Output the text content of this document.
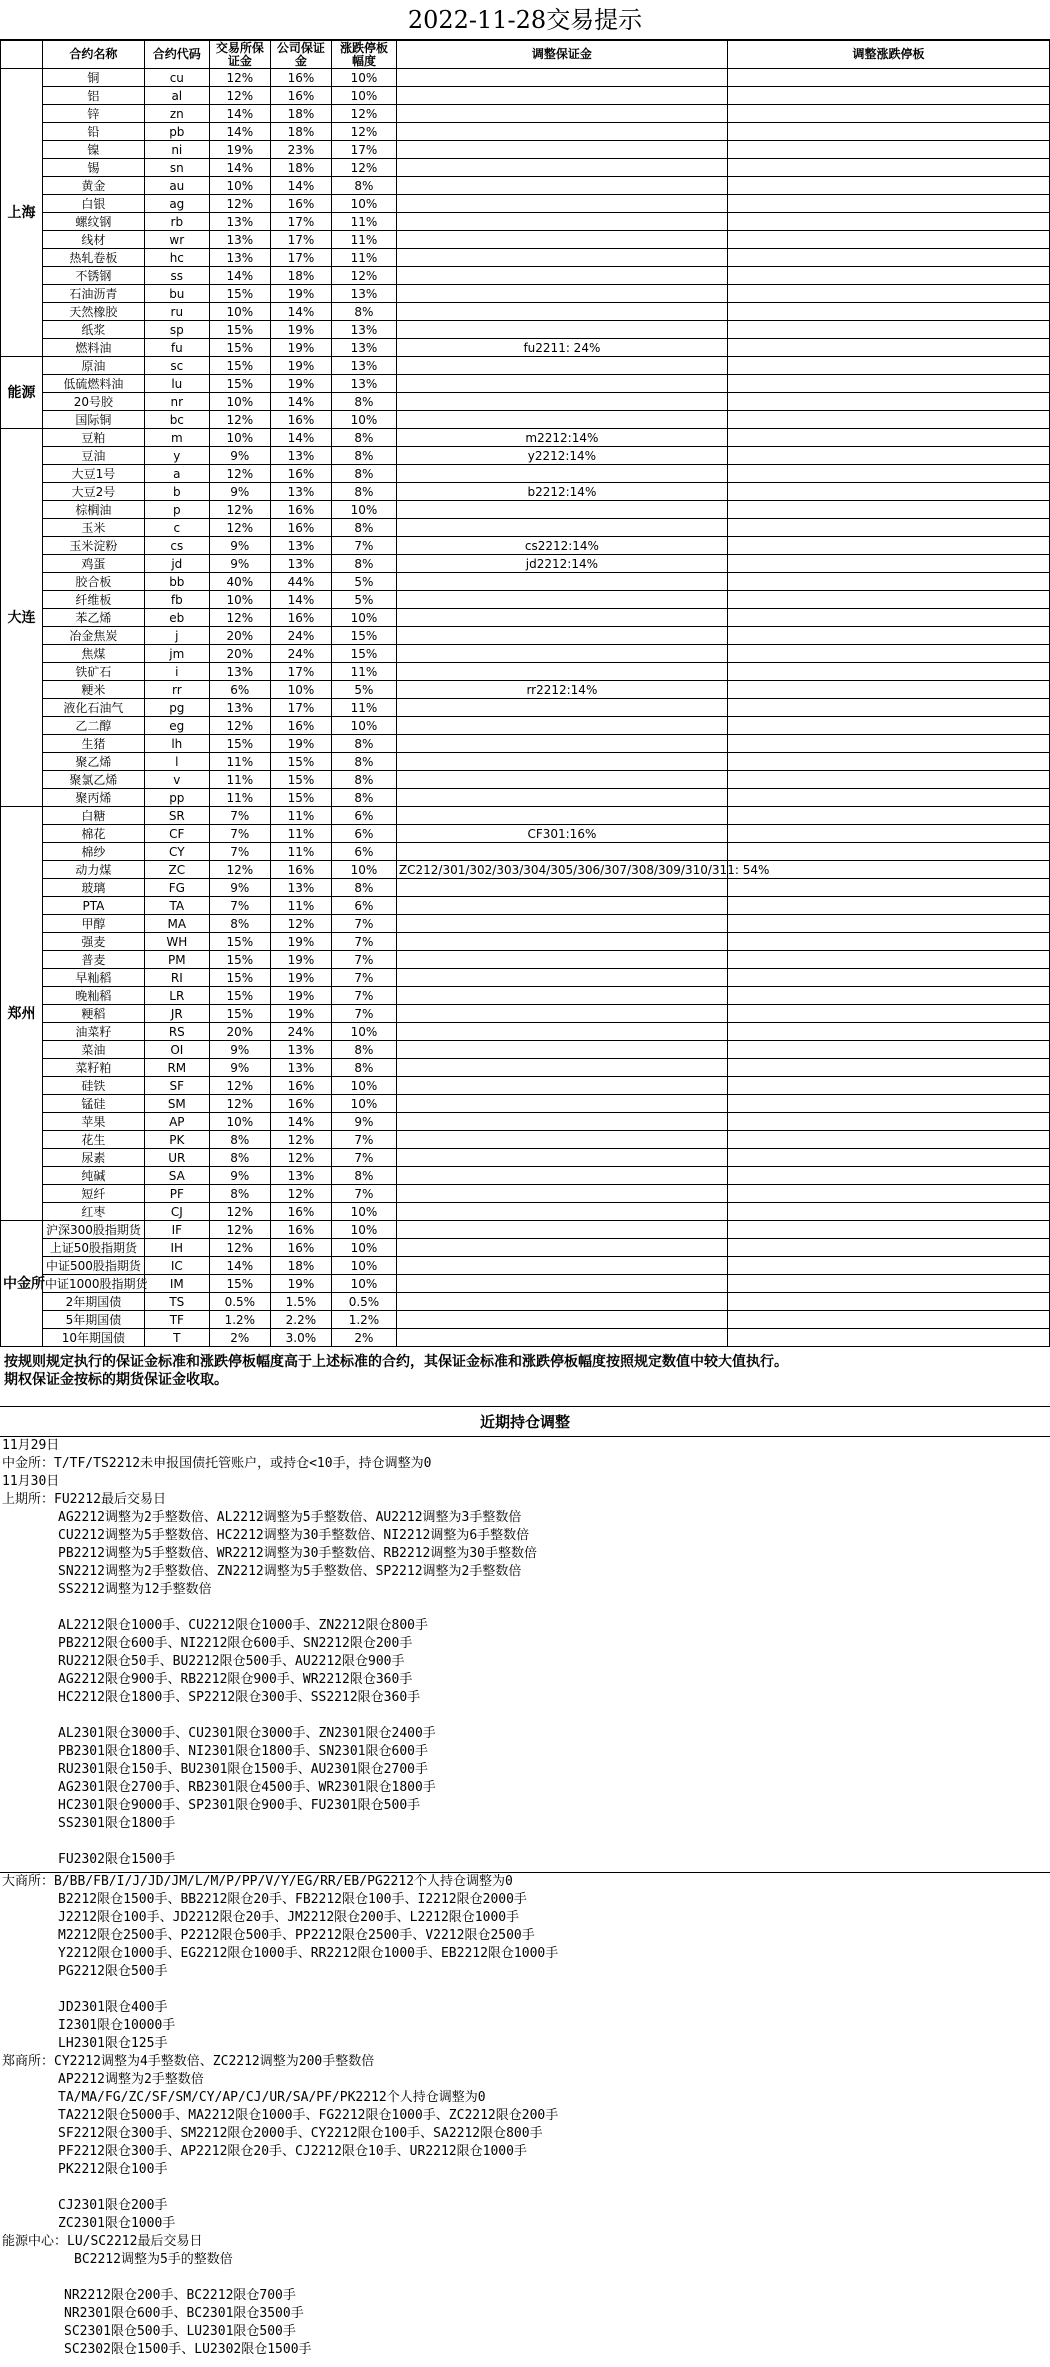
2022-11-28交易提示
	合约名称	合约代码	交易所保证金	公司保证金	涨跌停板幅度	调整保证金	调整涨跌停板
上海	铜	cu	12%	16%	10%		
	铝	al	12%	16%	10%		
	锌	zn	14%	18%	12%		
	铅	pb	14%	18%	12%		
	镍	ni	19%	23%	17%		
	锡	sn	14%	18%	12%		
	黄金	au	10%	14%	8%		
	白银	ag	12%	16%	10%		
	螺纹钢	rb	13%	17%	11%		
	线材	wr	13%	17%	11%		
	热轧卷板	hc	13%	17%	11%		
	不锈钢	ss	14%	18%	12%		
	石油沥青	bu	15%	19%	13%		
	天然橡胶	ru	10%	14%	8%		
	纸浆	sp	15%	19%	13%		
	燃料油	fu	15%	19%	13%	fu2211: 24%	
能源	原油	sc	15%	19%	13%		
	低硫燃料油	lu	15%	19%	13%		
	20号胶	nr	10%	14%	8%		
	国际铜	bc	12%	16%	10%		
大连	豆粕	m	10%	14%	8%	m2212:14%	
	豆油	y	9%	13%	8%	y2212:14%	
	大豆1号	a	12%	16%	8%		
	大豆2号	b	9%	13%	8%	b2212:14%	
	棕榈油	p	12%	16%	10%		
	玉米	c	12%	16%	8%		
	玉米淀粉	cs	9%	13%	7%	cs2212:14%	
	鸡蛋	jd	9%	13%	8%	jd2212:14%	
	胶合板	bb	40%	44%	5%		
	纤维板	fb	10%	14%	5%		
	苯乙烯	eb	12%	16%	10%		
	冶金焦炭	j	20%	24%	15%		
	焦煤	jm	20%	24%	15%		
	铁矿石	i	13%	17%	11%		
	粳米	rr	6%	10%	5%	rr2212:14%	
	液化石油气	pg	13%	17%	11%		
	乙二醇	eg	12%	16%	10%		
	生猪	lh	15%	19%	8%		
	聚乙烯	l	11%	15%	8%		
	聚氯乙烯	v	11%	15%	8%		
	聚丙烯	pp	11%	15%	8%		
郑州	白糖	SR	7%	11%	6%		
	棉花	CF	7%	11%	6%	CF301:16%	
	棉纱	CY	7%	11%	6%		
	动力煤	ZC	12%	16%	10%	ZC212/301/302/303/304/305/306/307/308/309/310/311: 54%	
	玻璃	FG	9%	13%	8%		
	PTA	TA	7%	11%	6%		
	甲醇	MA	8%	12%	7%		
	强麦	WH	15%	19%	7%		
	普麦	PM	15%	19%	7%		
	早籼稻	RI	15%	19%	7%		
	晚籼稻	LR	15%	19%	7%		
	粳稻	JR	15%	19%	7%		
	油菜籽	RS	20%	24%	10%		
	菜油	OI	9%	13%	8%		
	菜籽粕	RM	9%	13%	8%		
	硅铁	SF	12%	16%	10%		
	锰硅	SM	12%	16%	10%		
	苹果	AP	10%	14%	9%		
	花生	PK	8%	12%	7%		
	尿素	UR	8%	12%	7%		
	纯碱	SA	9%	13%	8%		
	短纤	PF	8%	12%	7%		
	红枣	CJ	12%	16%	10%		
中金所	沪深300股指期货	IF	12%	16%	10%		
	上证50股指期货	IH	12%	16%	10%		
	中证500股指期货	IC	14%	18%	10%		
	中证1000股指期货	IM	15%	19%	10%		
	2年期国债	TS	0.5%	1.5%	0.5%		
	5年期国债	TF	1.2%	2.2%	1.2%		
	10年期国债	T	2%	3.0%	2%		
按规则规定执行的保证金标准和涨跌停板幅度高于上述标准的合约，其保证金标准和涨跌停板幅度按照规定数值中较大值执行。
期权保证金按标的期货保证金收取。
近期持仓调整
11月29日
中金所：T/TF/TS2212未申报国债托管账户，或持仓<10手，持仓调整为0
11月30日
上期所：FU2212最后交易日
AG2212调整为2手整数倍、AL2212调整为5手整数倍、AU2212调整为3手整数倍
CU2212调整为5手整数倍、HC2212调整为30手整数倍、NI2212调整为6手整数倍
PB2212调整为5手整数倍、WR2212调整为30手整数倍、RB2212调整为30手整数倍
SN2212调整为2手整数倍、ZN2212调整为5手整数倍、SP2212调整为2手整数倍
SS2212调整为12手整数倍
AL2212限仓1000手、CU2212限仓1000手、ZN2212限仓800手
PB2212限仓600手、NI2212限仓600手、SN2212限仓200手
RU2212限仓50手、BU2212限仓500手、AU2212限仓900手
AG2212限仓900手、RB2212限仓900手、WR2212限仓360手
HC2212限仓1800手、SP2212限仓300手、SS2212限仓360手
AL2301限仓3000手、CU2301限仓3000手、ZN2301限仓2400手
PB2301限仓1800手、NI2301限仓1800手、SN2301限仓600手
RU2301限仓150手、BU2301限仓1500手、AU2301限仓2700手
AG2301限仓2700手、RB2301限仓4500手、WR2301限仓1800手
HC2301限仓9000手、SP2301限仓900手、FU2301限仓500手
SS2301限仓1800手
FU2302限仓1500手
大商所：B/BB/FB/I/J/JD/JM/L/M/P/PP/V/Y/EG/RR/EB/PG2212个人持仓调整为0
B2212限仓1500手、BB2212限仓20手、FB2212限仓100手、I2212限仓2000手
J2212限仓100手、JD2212限仓20手、JM2212限仓200手、L2212限仓1000手
M2212限仓2500手、P2212限仓500手、PP2212限仓2500手、V2212限仓2500手
Y2212限仓1000手、EG2212限仓1000手、RR2212限仓1000手、EB2212限仓1000手
PG2212限仓500手
JD2301限仓400手
I2301限仓10000手
LH2301限仓125手
郑商所：CY2212调整为4手整数倍、ZC2212调整为200手整数倍
AP2212调整为2手整数倍
TA/MA/FG/ZC/SF/SM/CY/AP/CJ/UR/SA/PF/PK2212个人持仓调整为0
TA2212限仓5000手、MA2212限仓1000手、FG2212限仓1000手、ZC2212限仓200手
SF2212限仓300手、SM2212限仓2000手、CY2212限仓100手、SA2212限仓800手
PF2212限仓300手、AP2212限仓20手、CJ2212限仓10手、UR2212限仓1000手
PK2212限仓100手
CJ2301限仓200手
ZC2301限仓1000手
能源中心：LU/SC2212最后交易日
BC2212调整为5手的整数倍
NR2212限仓200手、BC2212限仓700手
NR2301限仓600手、BC2301限仓3500手
SC2301限仓500手、LU2301限仓500手
SC2302限仓1500手、LU2302限仓1500手
